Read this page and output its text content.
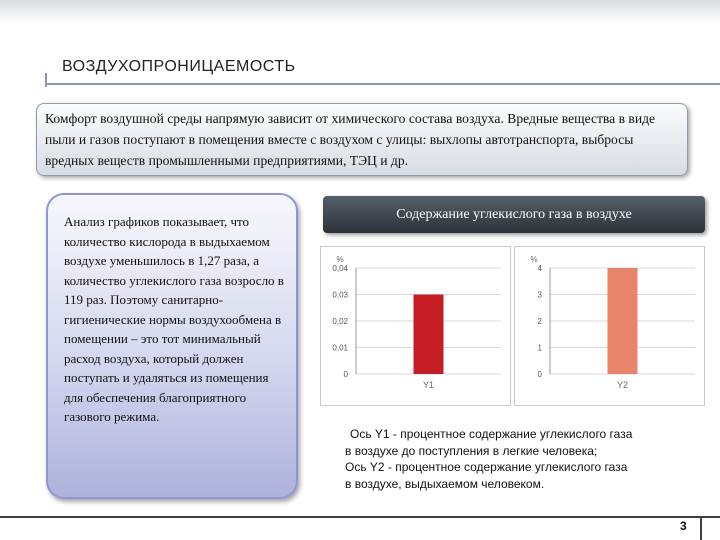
ВОЗДУХОПРОНИЦАЕМОСТЬ
Комфорт воздушной среды напрямую зависит от химического состава воздуха. Вредные вещества в виде пыли и газов поступают в помещения вместе с воздухом с улицы: выхлопы автотранспорта, выбросы вредных веществ промышленными предприятиями, ТЭЦ и др.
Анализ графиков показывает, что количество кислорода в выдыхаемом воздухе уменьшилось в 1,27 раза, а количество углекислого газа возросло в 119 раз. Поэтому санитарно-гигиенические нормы воздухообмена в помещении – это тот минимальный расход воздуха, который должен поступать и удаляться из помещения для обеспечения благоприятного газового режима.
Содержание углекислого газа в воздухе
%
0
0,01
0,02
0,03
0,04
Y1
%
0
1
2
3
4
Y2
Ось Y1 - процентное содержание углекислого газа
в воздухе до поступления в легкие человека;
Ось Y2 - процентное содержание углекислого газа
в воздухе, выдыхаемом человеком.
3
